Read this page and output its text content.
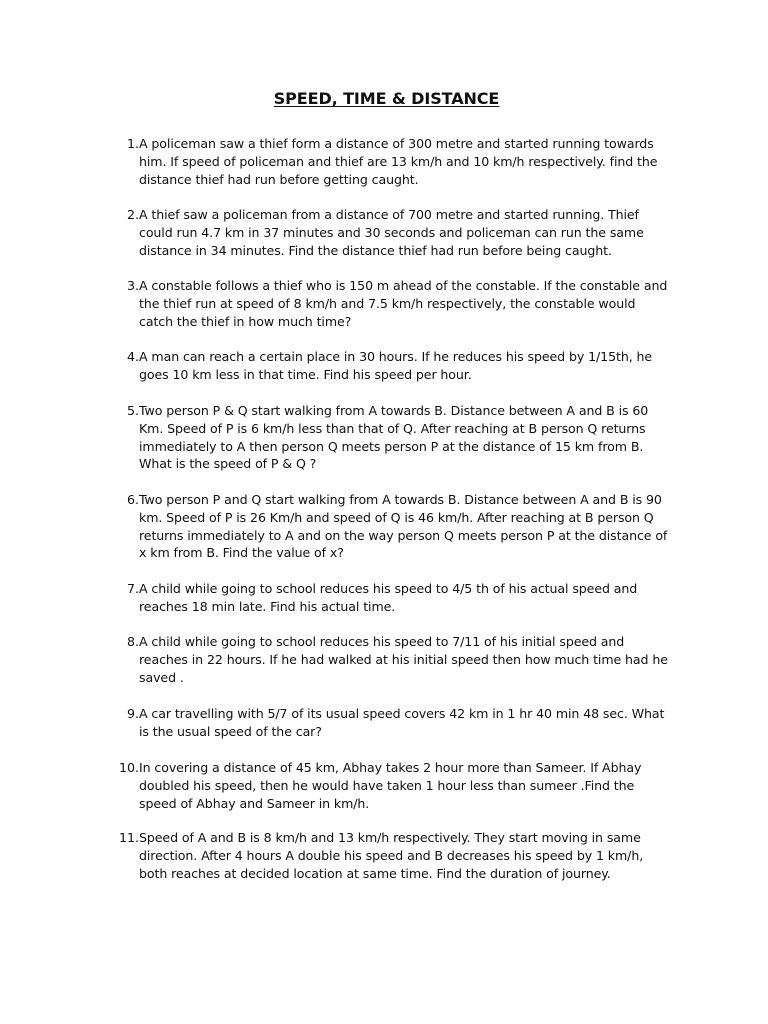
SPEED, TIME & DISTANCE
1. A policeman saw a thief form a distance of 300 metre and started running towards
him. If speed of policeman and thief are 13 km/h and 10 km/h respectively. find the
distance thief had run before getting caught.
2. A thief saw a policeman from a distance of 700 metre and started running. Thief
could run 4.7 km in 37 minutes and 30 seconds and policeman can run the same
distance in 34 minutes. Find the distance thief had run before being caught.
3. A constable follows a thief who is 150 m ahead of the constable. If the constable and
the thief run at speed of 8 km/h and 7.5 km/h respectively, the constable would
catch the thief in how much time?
4. A man can reach a certain place in 30 hours. If he reduces his speed by 1/15th, he
goes 10 km less in that time. Find his speed per hour.
5. Two person P & Q start walking from A towards B. Distance between A and B is 60
Km. Speed of P is 6 km/h less than that of Q. After reaching at B person Q returns
immediately to A then person Q meets person P at the distance of 15 km from B.
What is the speed of P & Q ?
6. Two person P and Q start walking from A towards B. Distance between A and B is 90
km. Speed of P is 26 Km/h and speed of Q is 46 km/h. After reaching at B person Q
returns immediately to A and on the way person Q meets person P at the distance of
x km from B. Find the value of x?
7. A child while going to school reduces his speed to 4/5 th of his actual speed and
reaches 18 min late. Find his actual time.
8. A child while going to school reduces his speed to 7/11 of his initial speed and
reaches in 22 hours. If he had walked at his initial speed then how much time had he
saved .
9. A car travelling with 5/7 of its usual speed covers 42 km in 1 hr 40 min 48 sec. What
is the usual speed of the car?
10. In covering a distance of 45 km, Abhay takes 2 hour more than Sameer. If Abhay
doubled his speed, then he would have taken 1 hour less than sumeer .Find the
speed of Abhay and Sameer in km/h.
11. Speed of A and B is 8 km/h and 13 km/h respectively. They start moving in same
direction. After 4 hours A double his speed and B decreases his speed by 1 km/h,
both reaches at decided location at same time. Find the duration of journey.
